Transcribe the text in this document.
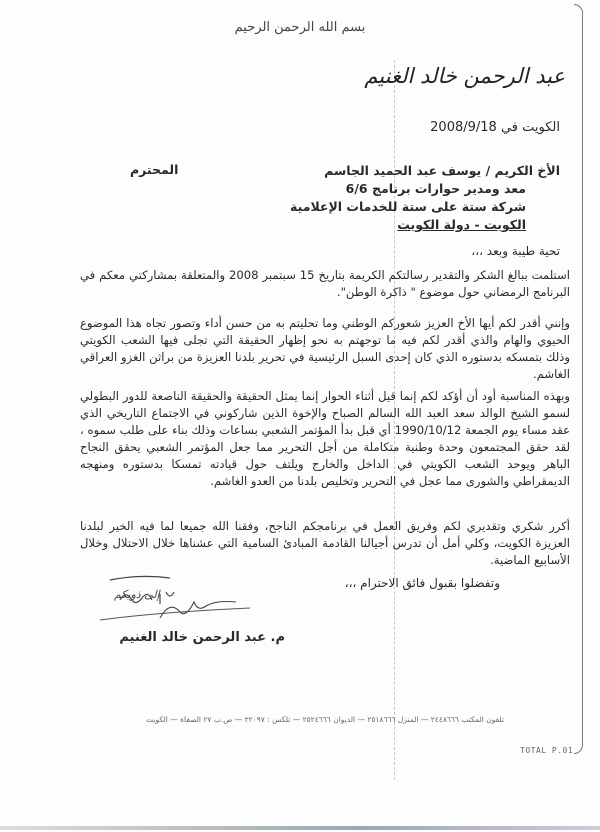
بسم الله الرحمن الرحيم
عبد الرحمن خالد الغنيم
الكويت في 2008/9/18
الأخ الكريم / يوسف عبد الحميد الجاسم
معد ومدير حوارات برنامج 6/6
شركة ستة على ستة للخدمات الإعلامية
الكويت - دولة الكويت
المحترم
تحية طيبة وبعد ،،،
استلمت ببالغ الشكر والتقدير رسالتكم الكريمة بتاريخ 15 سبتمبر 2008 والمتعلقة بمشاركتي معكم في البرنامج الرمضاني حول موضوع " ذاكرة الوطن".
وإنني أقدر لكم أيها الأخ العزيز شعوركم الوطني وما تحليتم به من حسن أداء وتصور تجاه هذا الموضوع الحيوي والهام والذي أقدر لكم فيه ما توجهتم به نحو إظهار الحقيقة التي تجلى فيها الشعب الكويتي وذلك بتمسكه بدستوره الذي كان إحدى السبل الرئيسية في تحرير بلدنا العزيزة من براثن الغزو العراقي الغاشم.
وبهذه المناسبة أود أن أؤكد لكم إنما قيل أثناء الحوار إنما يمثل الحقيقة والحقيقة الناصعة للدور البطولي لسمو الشيخ الوالد سعد العبد الله السالم الصباح والإخوة الذين شاركوني في الاجتماع التاريخي الذي عقد مساء يوم الجمعة 1990/10/12 أي قبل بدأ المؤتمر الشعبي بساعات وذلك بناء على طلب سموه ، لقد حقق المجتمعون وحدة وطنية متكاملة من أجل التحرير مما جعل المؤتمر الشعبي يحقق النجاح الباهر ويوحد الشعب الكويتي في الداخل والخارج ويلتف حول قيادته تمسكا بدستوره ومنهجه الديمقراطي والشورى مما عجل في التحرير وتخليص بلدنا من العدو الغاشم.
أكرر شكري وتقديري لكم وفريق العمل في برنامجكم الناجح، وفقنا الله جميعا لما فيه الخير لبلدنا العزيزة الكويت، وكلي أمل أن تدرس أجيالنا القادمة المبادئ السامية التي عشناها خلال الاحتلال وخلال الأسابيع الماضية.
وتفضلوا بقبول فائق الاحترام ،،،
إلى ذويكم
م. عبد الرحمن خالد الغنيم
تلفون المكتب ٢٤٤٨٦٦٦ — المنزل ٢٥١٨٦٦٦ — الديوان ٢٥٢٤٦٦٦ — تلكس : ٢٢٠٩٧ — ص.ب ٢٧ الصفاة — الكويت
TOTAL P.01
